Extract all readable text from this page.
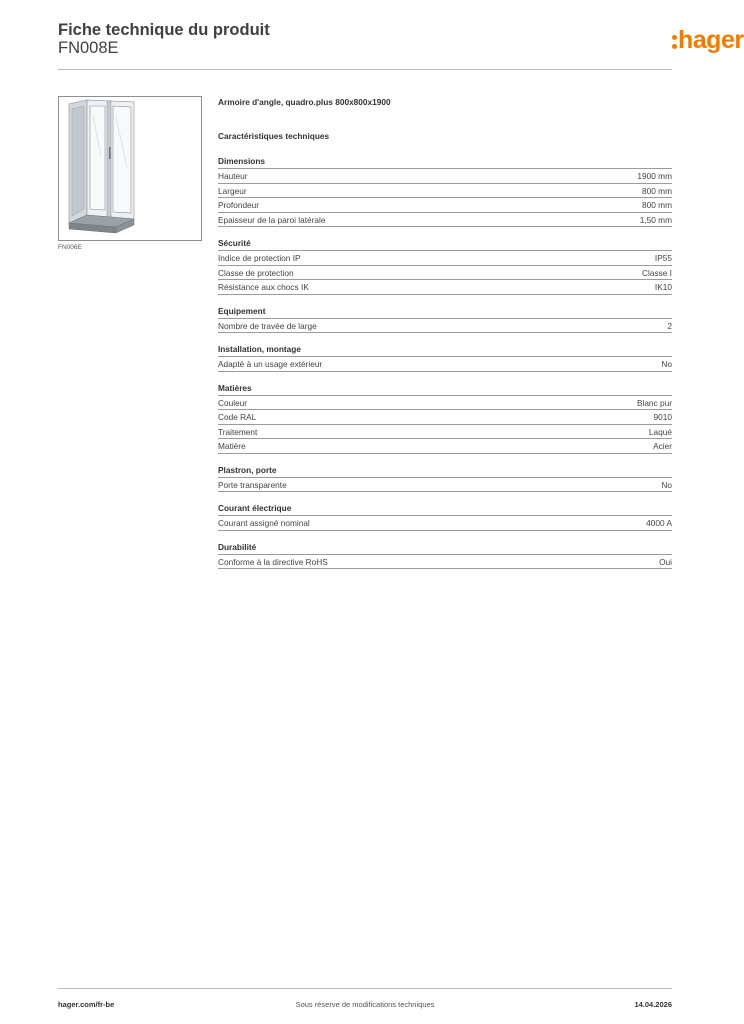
Fiche technique du produit
FN008E	hager
FN006E
Armoire d'angle, quadro.plus 800x800x1900
Caractéristiques techniques
Dimensions
Hauteur	1900 mm
Largeur	800 mm
Profondeur	800 mm
Epaisseur de la paroi latérale	1,50 mm
Sécurité
Indice de protection IP	IP55
Classe de protection	Classe I
Résistance aux chocs IK	IK10
Equipement
Nombre de travée de large	2
Installation, montage
Adapté à un usage extérieur	No
Matières
Couleur	Blanc pur
Code RAL	9010
Traitement	Laqué
Matière	Acier
Plastron, porte
Porte transparente	No
Courant électrique
Courant assigné nominal	4000 A
Durabilité
Conforme à la directive RoHS	Oui
hager.com/fr-be	Sous réserve de modifications techniques	14.04.2026
